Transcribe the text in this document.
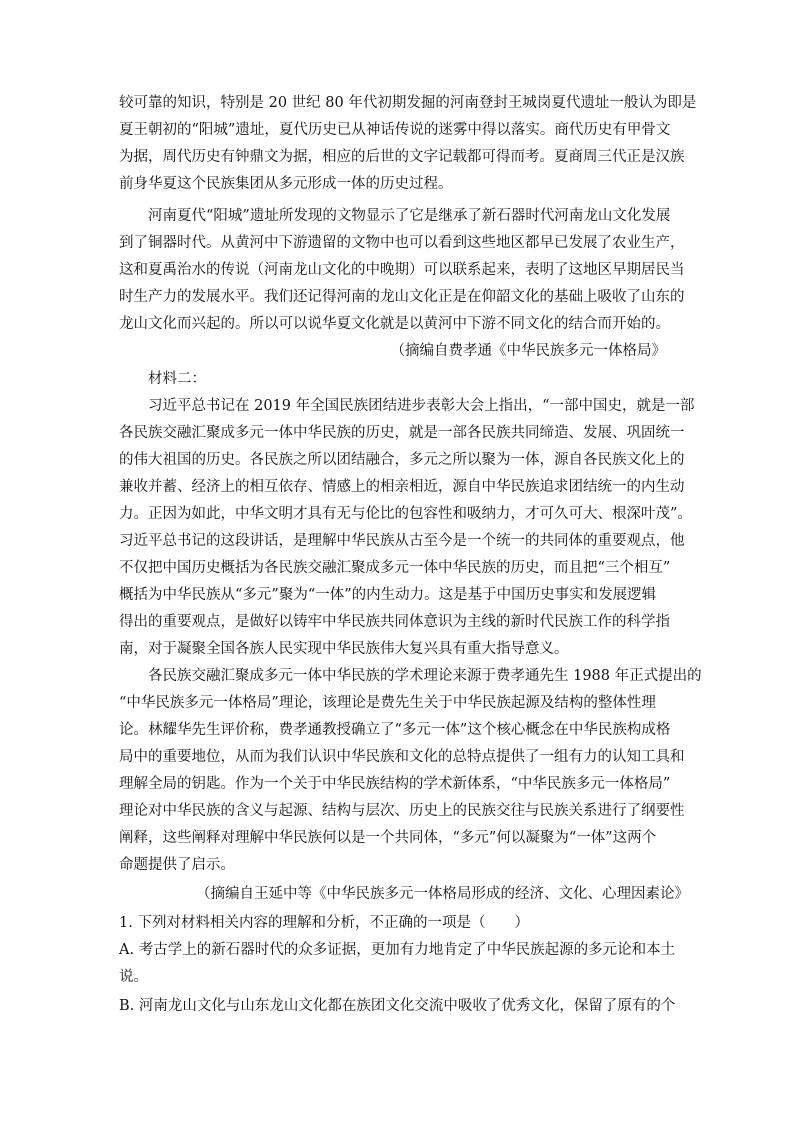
较可靠的知识，特别是 20 世纪 80 年代初期发掘的河南登封王城岗夏代遗址一般认为即是
夏王朝初的“阳城”遗址，夏代历史已从神话传说的迷雾中得以落实。商代历史有甲骨文
为据，周代历史有钟鼎文为据，相应的后世的文字记载都可得而考。夏商周三代正是汉族
前身华夏这个民族集团从多元形成一体的历史过程。
河南夏代“阳城”遗址所发现的文物显示了它是继承了新石器时代河南龙山文化发展
到了铜器时代。从黄河中下游遗留的文物中也可以看到这些地区都早已发展了农业生产，
这和夏禹治水的传说（河南龙山文化的中晚期）可以联系起来，表明了这地区早期居民当
时生产力的发展水平。我们还记得河南的龙山文化正是在仰韶文化的基础上吸收了山东的
龙山文化而兴起的。所以可以说华夏文化就是以黄河中下游不同文化的结合而开始的。
（摘编自费孝通《中华民族多元一体格局》
材料二：
习近平总书记在 2019 年全国民族团结进步表彰大会上指出，“一部中国史，就是一部
各民族交融汇聚成多元一体中华民族的历史，就是一部各民族共同缔造、发展、巩固统一
的伟大祖国的历史。各民族之所以团结融合，多元之所以聚为一体，源自各民族文化上的
兼收并蓄、经济上的相互依存、情感上的相亲相近，源自中华民族追求团结统一的内生动
力。正因为如此，中华文明才具有无与伦比的包容性和吸纳力，才可久可大、根深叶茂”。
习近平总书记的这段讲话，是理解中华民族从古至今是一个统一的共同体的重要观点，他
不仅把中国历史概括为各民族交融汇聚成多元一体中华民族的历史，而且把“三个相互”
概括为中华民族从“多元”聚为“一体”的内生动力。这是基于中国历史事实和发展逻辑
得出的重要观点，是做好以铸牢中华民族共同体意识为主线的新时代民族工作的科学指
南，对于凝聚全国各族人民实现中华民族伟大复兴具有重大指导意义。
各民族交融汇聚成多元一体中华民族的学术理论来源于费孝通先生 1988 年正式提出的
“中华民族多元一体格局”理论，该理论是费先生关于中华民族起源及结构的整体性理
论。林耀华先生评价称，费孝通教授确立了“多元一体”这个核心概念在中华民族构成格
局中的重要地位，从而为我们认识中华民族和文化的总特点提供了一组有力的认知工具和
理解全局的钥匙。作为一个关于中华民族结构的学术新体系，“中华民族多元一体格局”
理论对中华民族的含义与起源、结构与层次、历史上的民族交往与民族关系进行了纲要性
阐释，这些阐释对理解中华民族何以是一个共同体，“多元”何以凝聚为“一体”这两个
命题提供了启示。
（摘编自王延中等《中华民族多元一体格局形成的经济、文化、心理因素论》
1. 下列对材料相关内容的理解和分析，不正确的一项是（　　）
A. 考古学上的新石器时代的众多证据，更加有力地肯定了中华民族起源的多元论和本土
说。
B. 河南龙山文化与山东龙山文化都在族团文化交流中吸收了优秀文化，保留了原有的个
